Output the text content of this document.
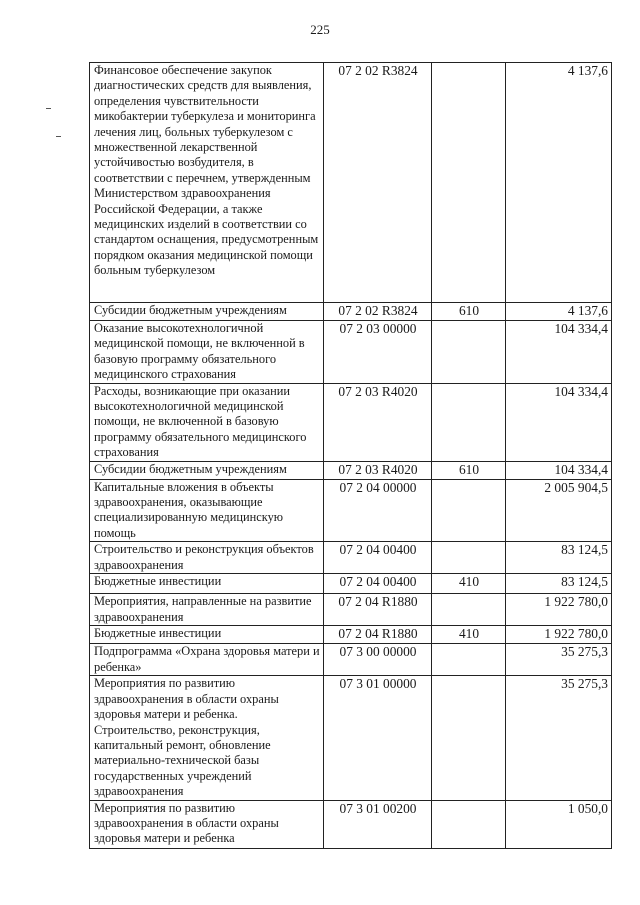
225
Финансовое обеспечение закупок диагностических средств для выявления, определения чувствительности микобактерии туберкулеза и мониторинга лечения лиц, больных туберкулезом с множественной лекарственной устойчивостью возбудителя, в соответствии с перечнем, утвержденным Министерством здравоохранения Российской Федерации, а также медицинских изделий в соответствии со стандартом оснащения, предусмотренным порядком оказания медицинской помощи больным туберкулезом	07 2 02 R3824		4 137,6
Субсидии бюджетным учреждениям	07 2 02 R3824	610	4 137,6
Оказание высокотехнологичной медицинской помощи, не включенной в базовую программу обязательного медицинского страхования	07 2 03 00000		104 334,4
Расходы, возникающие при оказании высокотехнологичной медицинской помощи, не включенной в базовую программу обязательного медицинского страхования	07 2 03 R4020		104 334,4
Субсидии бюджетным учреждениям	07 2 03 R4020	610	104 334,4
Капитальные вложения в объекты здравоохранения, оказывающие специализированную медицинскую помощь	07 2 04 00000		2 005 904,5
Строительство и реконструкция объектов здравоохранения	07 2 04 00400		83 124,5
Бюджетные инвестиции	07 2 04 00400	410	83 124,5
Мероприятия, направленные на развитие здравоохранения	07 2 04 R1880		1 922 780,0
Бюджетные инвестиции	07 2 04 R1880	410	1 922 780,0
Подпрограмма «Охрана здоровья матери и ребенка»	07 3 00 00000		35 275,3
Мероприятия по развитию здравоохранения в области охраны здоровья матери и ребенка. Строительство, реконструкция, капитальный ремонт, обновление материально-технической базы государственных учреждений здравоохранения	07 3 01 00000		35 275,3
Мероприятия по развитию здравоохранения в области охраны здоровья матери и ребенка	07 3 01 00200		1 050,0
